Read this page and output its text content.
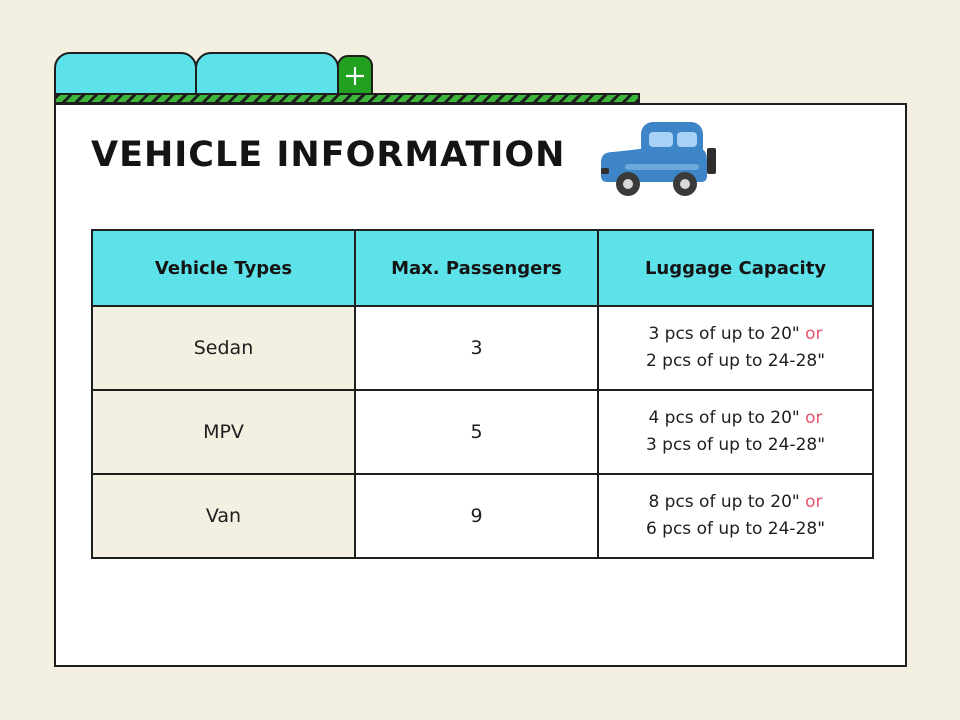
VEHICLE INFORMATION
Vehicle Types	Max. Passengers	Luggage Capacity
Sedan	3	3 pcs of up to 20" or
2 pcs of up to 24-28"
MPV	5	4 pcs of up to 20" or
3 pcs of up to 24-28"
Van	9	8 pcs of up to 20" or
6 pcs of up to 24-28"
·
